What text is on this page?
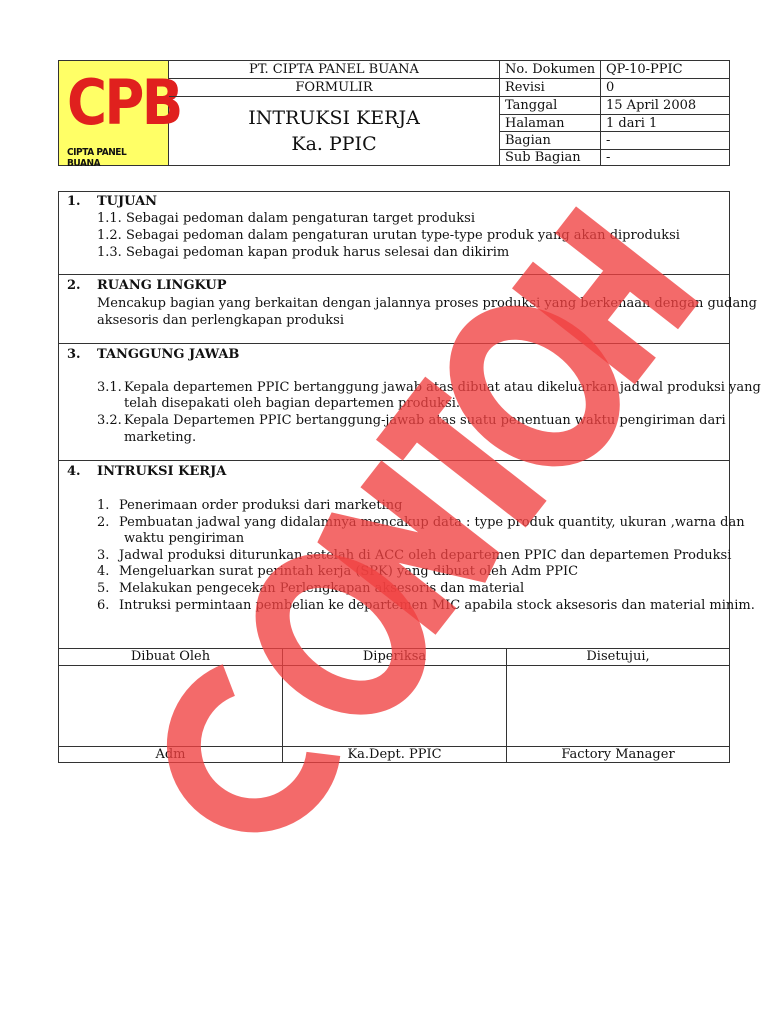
CPB
CIPTA PANEL BUANA
PT. CIPTA PANEL BUANA
FORMULIR
INTRUKSI KERJA
Ka. PPIC
No. Dokumen QP-10-PPIC
Revisi	0
Tanggal	15 April 2008
Halaman	1 dari 1
Bagian	-
Sub Bagian -
1. TUJUAN
1.1. Sebagai pedoman dalam pengaturan target produksi
1.2. Sebagai pedoman dalam pengaturan urutan type-type produk yang akan diproduksi
1.3. Sebagai pedoman kapan produk harus selesai dan dikirim
2. RUANG LINGKUP
Mencakup bagian yang berkaitan dengan jalannya proses produksi yang berkenaan dengan gudang
aksesoris dan perlengkapan produksi
3. TANGGUNG JAWAB
3.1. Kepala departemen PPIC bertanggung jawab atas dibuat atau dikeluarkan jadwal produksi yang
telah disepakati oleh bagian departemen produksi.
3.2. Kepala Departemen PPIC bertanggung-jawab atas suatu penentuan waktu pengiriman dari
marketing.
4. INTRUKSI KERJA
1. Penerimaan order produksi dari marketing
2. Pembuatan jadwal yang didalamnya mencakup data : type produk quantity, ukuran ,warna dan
waktu pengiriman
3. Jadwal produksi diturunkan setelah di ACC oleh departemen PPIC dan departemen Produksi
4. Mengeluarkan surat perintah kerja (SPK) yang dibuat oleh Adm PPIC
5. Melakukan pengecekan Perlengkapan aksesoris dan material
6. Intruksi permintaan pembelian ke departemen MIC apabila stock aksesoris dan material minim.
Dibuat Oleh	Diperiksa	Disetujui,
Adm	Ka.Dept. PPIC	Factory Manager
CONTOH
